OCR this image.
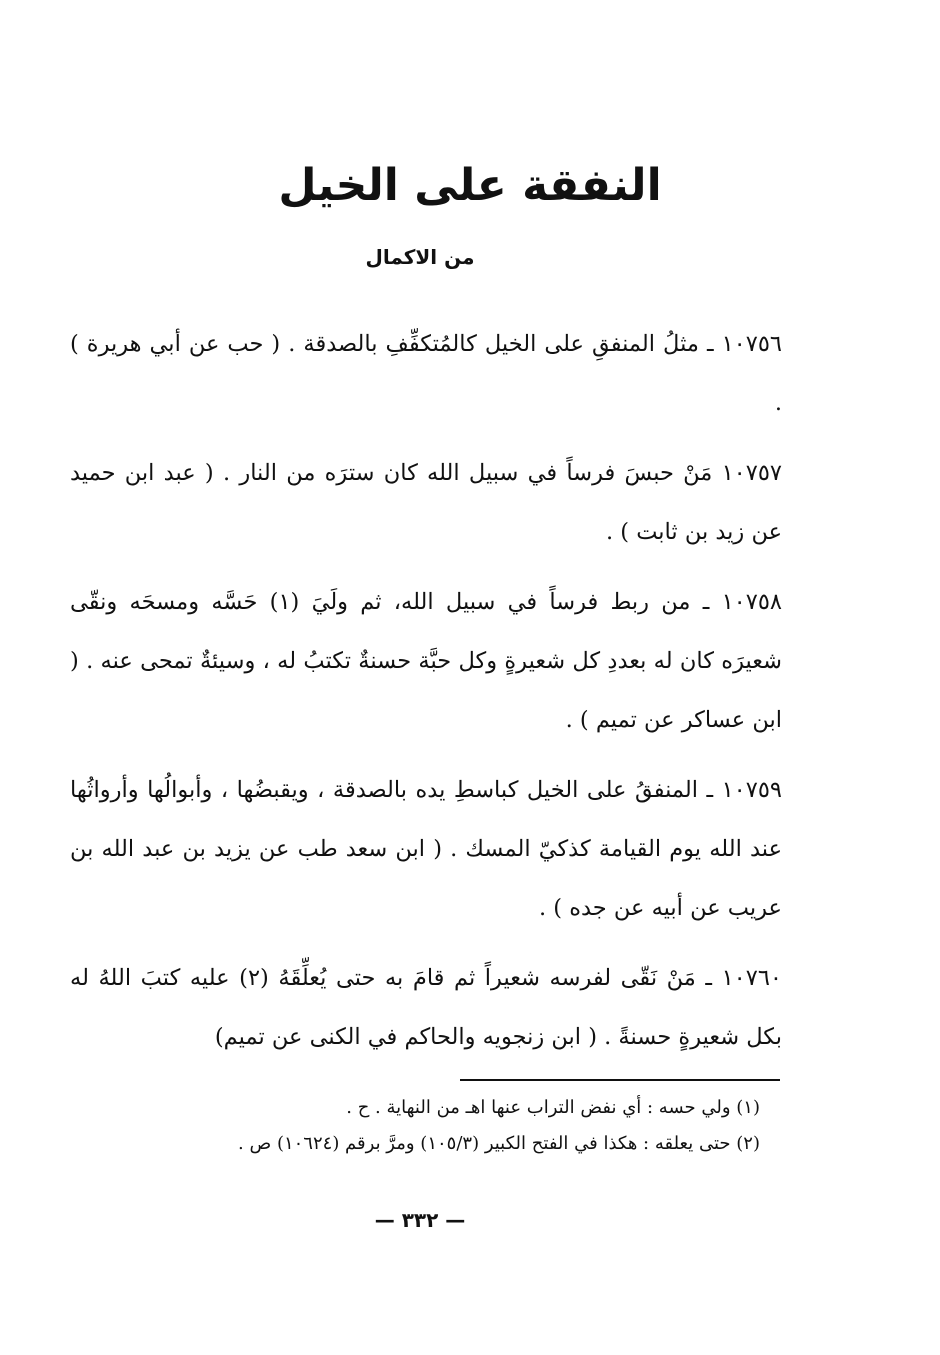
النفقة على الخيل
من الاكمال

١٠٧٥٦ ـ مثلُ المنفقِ على الخيل كالمُتكفِّفِ بالصدقة . ( حب عن أبي هريرة ) .

١٠٧٥٧ مَنْ حبسَ فرساً في سبيل الله كان سترَه من النار . ( عبد ابن حميد عن زيد بن ثابت ) .

١٠٧٥٨ ـ من ربط فرساً في سبيل الله، ثم ولَيَ (١) حَسَّه ومسحَه ونقّى شعيرَه كان له بعددِ كل شعيرةٍ وكل حبَّة حسنةٌ تكتبُ له ، وسيئةٌ تمحى عنه . ( ابن عساكر عن تميم ) .

١٠٧٥٩ ـ المنفقُ على الخيل كباسطِ يده بالصدقة ، ويقبضُها ، وأبوالُها وأرواثُها عند الله يوم القيامة كذكيّ المسك . ( ابن سعد طب عن يزيد بن عبد الله بن عريب عن أبيه عن جده ) .

١٠٧٦٠ ـ مَنْ نَقّى لفرسه شعيراً ثم قامَ به حتى يُعلِّقَهُ (٢) عليه كتبَ اللهُ له بكل شعيرةٍ حسنةً . ( ابن زنجويه والحاكم في الكنى عن تميم)

(١) ولي حسه : أي نفض التراب عنها اهـ من النهاية . ح .

(٢) حتى يعلقه : هكذا في الفتح الكبير (١٠٥/٣) ومرَّ برقم (١٠٦٢٤) ص .

— ٣٣٢ —
